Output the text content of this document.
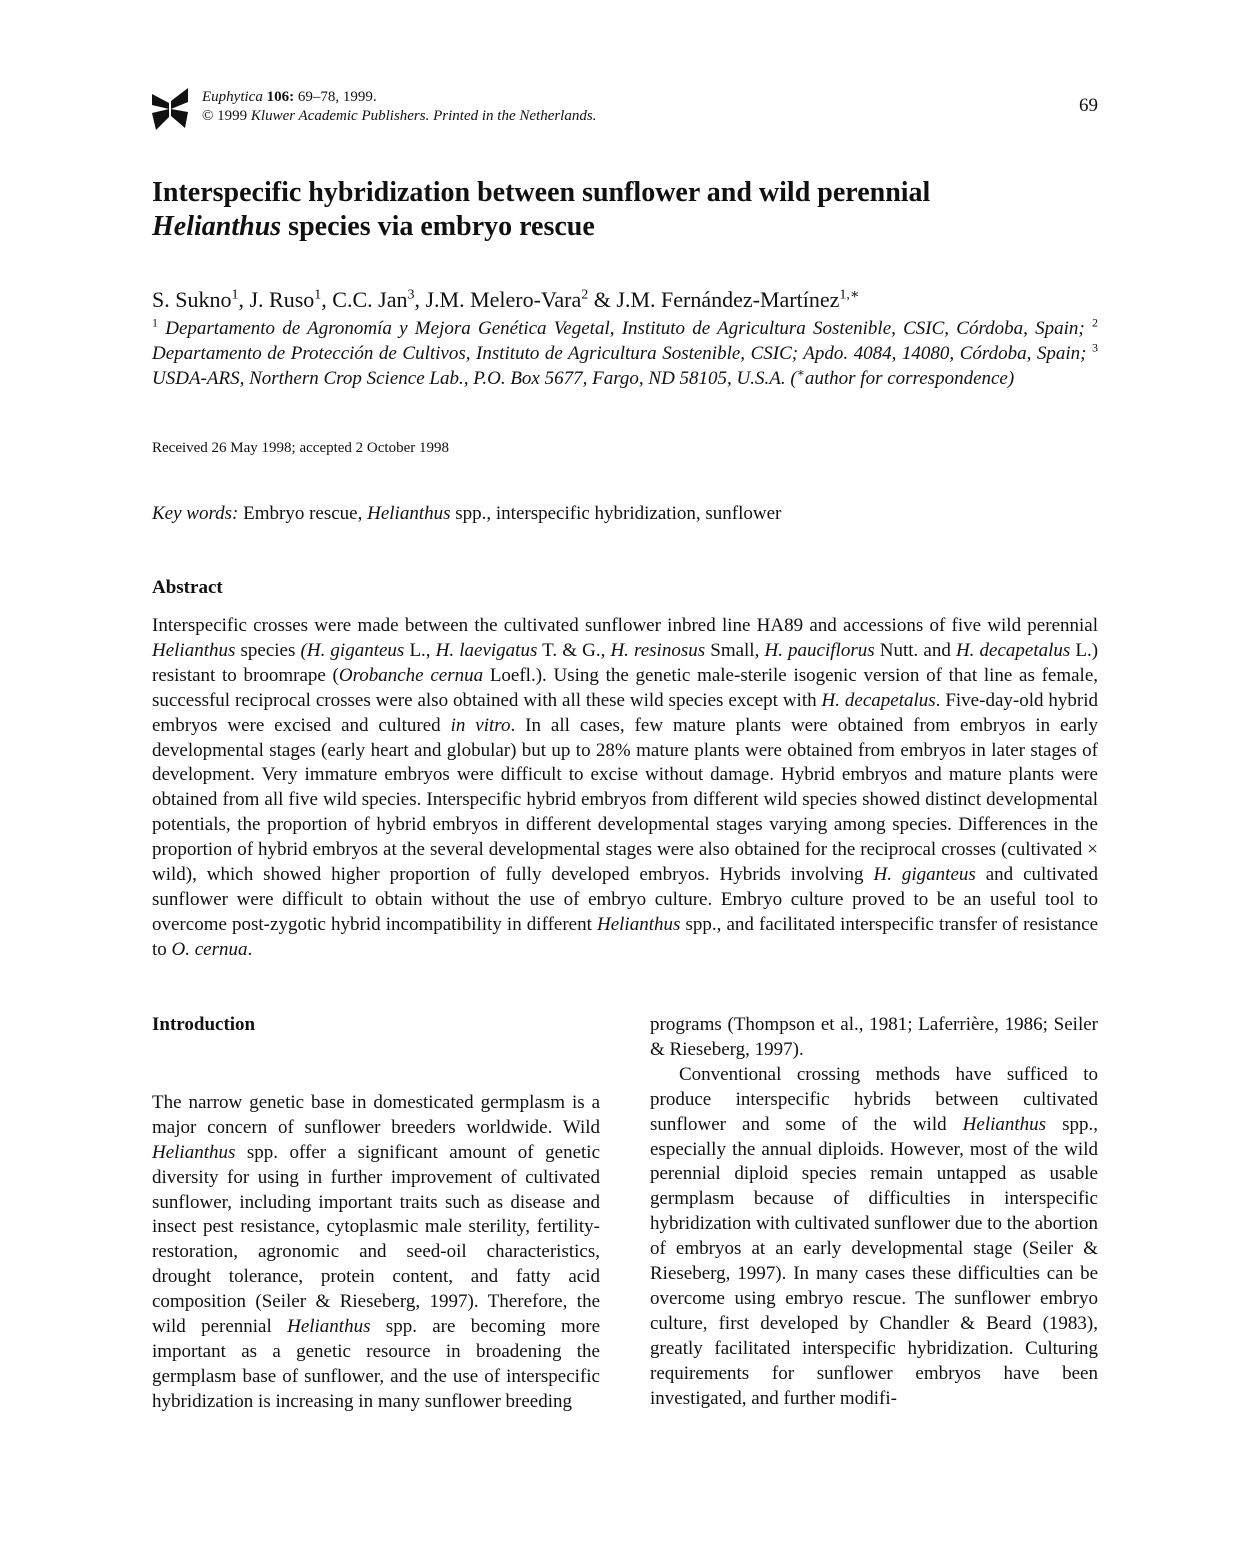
Euphytica 106: 69–78, 1999.
© 1999 Kluwer Academic Publishers. Printed in the Netherlands.	69
Interspecific hybridization between sunflower and wild perennial
Helianthus species via embryo rescue
S. Sukno$^1$, J. Ruso$^1$, C.C. Jan$^3$, J.M. Melero-Vara$^2$ & J.M. Fernández-Martínez$^{1,∗}$
$^1$ Departamento de Agronomía y Mejora Genética Vegetal, Instituto de Agricultura Sostenible, CSIC, Córdoba, Spain; $^2$ Departamento de Protección de Cultivos, Instituto de Agricultura Sostenible, CSIC; Apdo. 4084, 14080, Córdoba, Spain; $^3$ USDA-ARS, Northern Crop Science Lab., P.O. Box 5677, Fargo, ND 58105, U.S.A. (∗author for correspondence)
Received 26 May 1998; accepted 2 October 1998
Key words: Embryo rescue, Helianthus spp., interspecific hybridization, sunflower
Abstract

Interspecific crosses were made between the cultivated sunflower inbred line HA89 and accessions of five wild perennial Helianthus species (H. giganteus L., H. laevigatus T. & G., H. resinosus Small, H. pauciflorus Nutt. and H. decapetalus L.) resistant to broomrape (Orobanche cernua Loefl.). Using the genetic male-sterile isogenic version of that line as female, successful reciprocal crosses were also obtained with all these wild species except with H. decapetalus. Five-day-old hybrid embryos were excised and cultured in vitro. In all cases, few mature plants were obtained from embryos in early developmental stages (early heart and globular) but up to 28% mature plants were obtained from embryos in later stages of development. Very immature embryos were difficult to excise without damage. Hybrid embryos and mature plants were obtained from all five wild species. Interspecific hybrid embryos from different wild species showed distinct developmental potentials, the proportion of hybrid embryos in different developmental stages varying among species. Differences in the proportion of hybrid embryos at the several developmental stages were also obtained for the reciprocal crosses (cultivated × wild), which showed higher proportion of fully developed embryos. Hybrids involving H. giganteus and cultivated sunflower were difficult to obtain without the use of embryo culture. Embryo culture proved to be an useful tool to overcome post-zygotic hybrid incompatibility in different Helianthus spp., and facilitated interspecific transfer of resistance to O. cernua.

Introduction

The narrow genetic base in domesticated germplasm is a major concern of sunflower breeders worldwide. Wild Helianthus spp. offer a significant amount of genetic diversity for using in further improvement of cultivated sunflower, including important traits such as disease and insect pest resistance, cytoplasmic male sterility, fertility-restoration, agronomic and seed-oil characteristics, drought tolerance, protein content, and fatty acid composition (Seiler & Rieseberg, 1997). Therefore, the wild perennial Helianthus spp. are becoming more important as a genetic resource in broadening the germplasm base of sunflower, and the use of interspecific hybridization is increasing in many sunflower breeding

programs (Thompson et al., 1981; Laferrière, 1986; Seiler & Rieseberg, 1997).

Conventional crossing methods have sufficed to produce interspecific hybrids between cultivated sunflower and some of the wild Helianthus spp., especially the annual diploids. However, most of the wild perennial diploid species remain untapped as usable germplasm because of difficulties in interspecific hybridization with cultivated sunflower due to the abortion of embryos at an early developmental stage (Seiler & Rieseberg, 1997). In many cases these difficulties can be overcome using embryo rescue. The sunflower embryo culture, first developed by Chandler & Beard (1983), greatly facilitated interspecific hybridization. Culturing requirements for sunflower embryos have been investigated, and further modifi-
